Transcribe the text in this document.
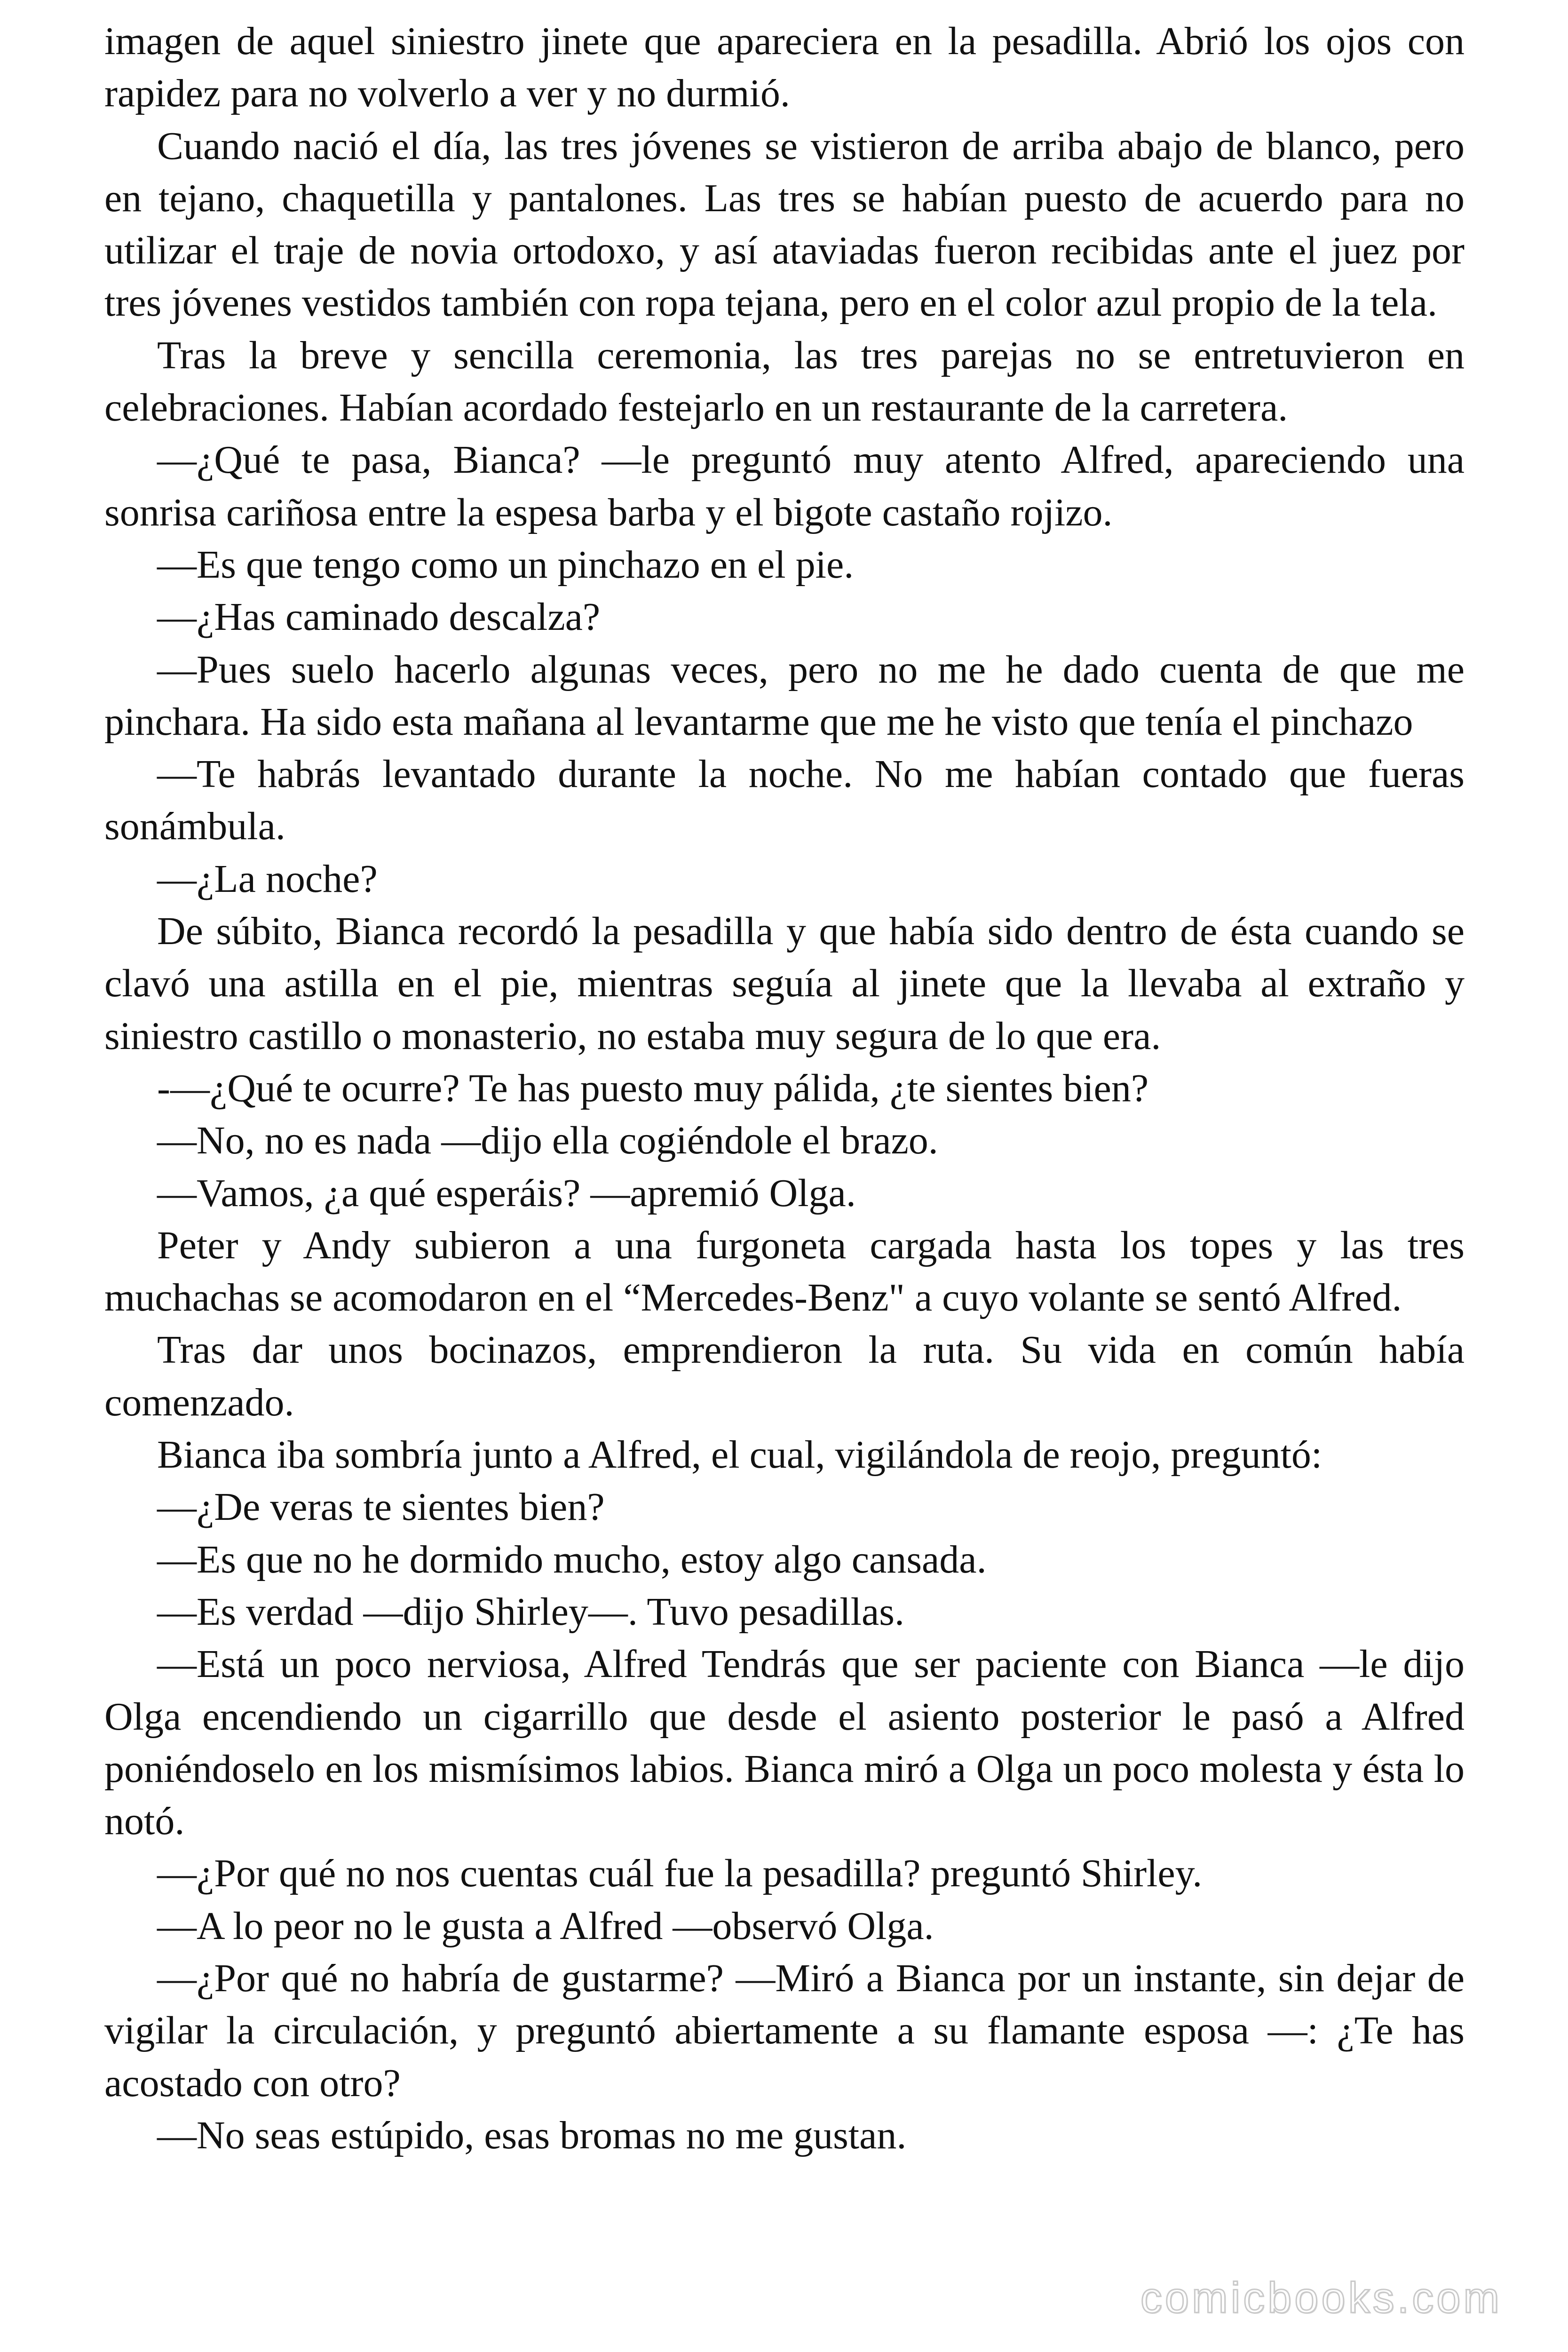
imagen de aquel siniestro jinete que apareciera en la pesadilla. Abrió los ojos con rapidez para no volverlo a ver y no durmió.

Cuando nació el día, las tres jóvenes se vistieron de arriba abajo de blanco, pero en tejano, chaquetilla y pantalones. Las tres se habían puesto de acuerdo para no utilizar el traje de novia ortodoxo, y así ataviadas fueron recibidas ante el juez por tres jóvenes vestidos también con ropa tejana, pero en el color azul propio de la tela.

Tras la breve y sencilla ceremonia, las tres parejas no se entretuvieron en celebraciones. Habían acordado festejarlo en un restaurante de la carretera.

—¿Qué te pasa, Bianca? —le preguntó muy atento Alfred, apareciendo una sonrisa cariñosa entre la espesa barba y el bigote castaño rojizo.

—Es que tengo como un pinchazo en el pie.

—¿Has caminado descalza?

—Pues suelo hacerlo algunas veces, pero no me he dado cuenta de que me pinchara. Ha sido esta mañana al levantarme que me he visto que tenía el pinchazo

—Te habrás levantado durante la noche. No me habían contado que fueras sonámbula.

—¿La noche?

De súbito, Bianca recordó la pesadilla y que había sido dentro de ésta cuando se clavó una astilla en el pie, mientras seguía al jinete que la llevaba al extraño y siniestro castillo o monasterio, no estaba muy segura de lo que era.

-—¿Qué te ocurre? Te has puesto muy pálida, ¿te sientes bien?

—No, no es nada —dijo ella cogiéndole el brazo.

—Vamos, ¿a qué esperáis? —apremió Olga.

Peter y Andy subieron a una furgoneta cargada hasta los topes y las tres muchachas se acomodaron en el “Mercedes-Benz" a cuyo volante se sentó Alfred.

Tras dar unos bocinazos, emprendieron la ruta. Su vida en común había comenzado.

Bianca iba sombría junto a Alfred, el cual, vigilándola de reojo, preguntó:

—¿De veras te sientes bien?

—Es que no he dormido mucho, estoy algo cansada.

—Es verdad —dijo Shirley—. Tuvo pesadillas.

—Está un poco nerviosa, Alfred Tendrás que ser paciente con Bianca —le dijo Olga encendiendo un cigarrillo que desde el asiento posterior le pasó a Alfred poniéndoselo en los mismísimos labios. Bianca miró a Olga un poco molesta y ésta lo notó.

—¿Por qué no nos cuentas cuál fue la pesadilla? preguntó Shirley.

—A lo peor no le gusta a Alfred —observó Olga.

—¿Por qué no habría de gustarme? —Miró a Bianca por un instante, sin dejar de vigilar la circulación, y preguntó abiertamente a su flamante esposa —: ¿Te has acostado con otro?

—No seas estúpido, esas bromas no me gustan.

comicbooks.com
